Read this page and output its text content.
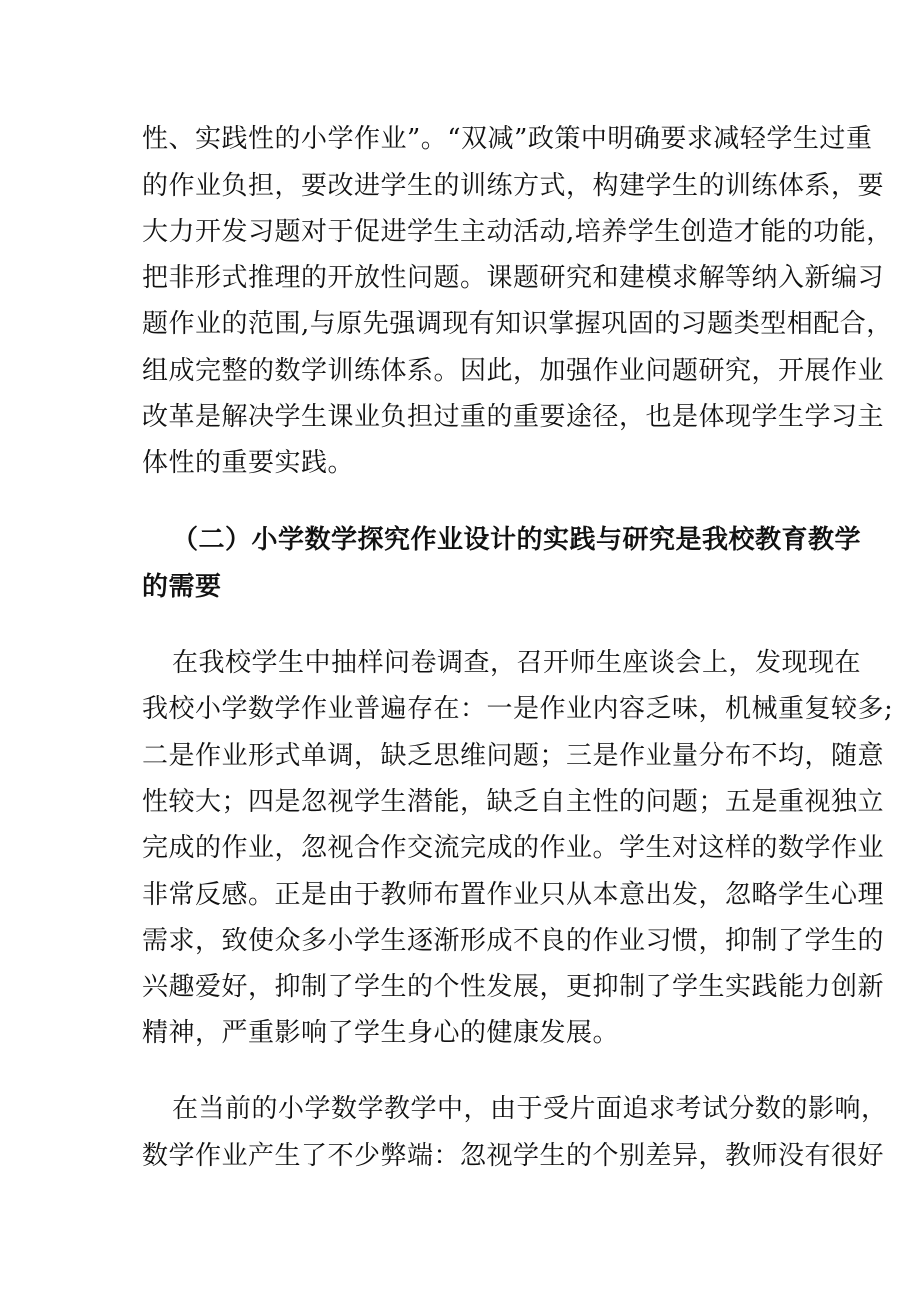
性、实践性的小学作业”。“双减”政策中明确要求减轻学生过重
的作业负担，要改进学生的训练方式，构建学生的训练体系，要
大力开发习题对于促进学生主动活动,培养学生创造才能的功能，
把非形式推理的开放性问题。课题研究和建模求解等纳入新编习
题作业的范围,与原先强调现有知识掌握巩固的习题类型相配合，
组成完整的数学训练体系。因此，加强作业问题研究，开展作业
改革是解决学生课业负担过重的重要途径，也是体现学生学习主
体性的重要实践。
（二）小学数学探究作业设计的实践与研究是我校教育教学
的需要
在我校学生中抽样问卷调查，召开师生座谈会上，发现现在
我校小学数学作业普遍存在：一是作业内容乏味，机械重复较多;
二是作业形式单调，缺乏思维问题；三是作业量分布不均，随意
性较大；四是忽视学生潜能，缺乏自主性的问题；五是重视独立
完成的作业，忽视合作交流完成的作业。学生对这样的数学作业
非常反感。正是由于教师布置作业只从本意出发，忽略学生心理
需求，致使众多小学生逐渐形成不良的作业习惯，抑制了学生的
兴趣爱好，抑制了学生的个性发展，更抑制了学生实践能力创新
精神，严重影响了学生身心的健康发展。
在当前的小学数学教学中，由于受片面追求考试分数的影响，
数学作业产生了不少弊端：忽视学生的个别差异，教师没有很好
